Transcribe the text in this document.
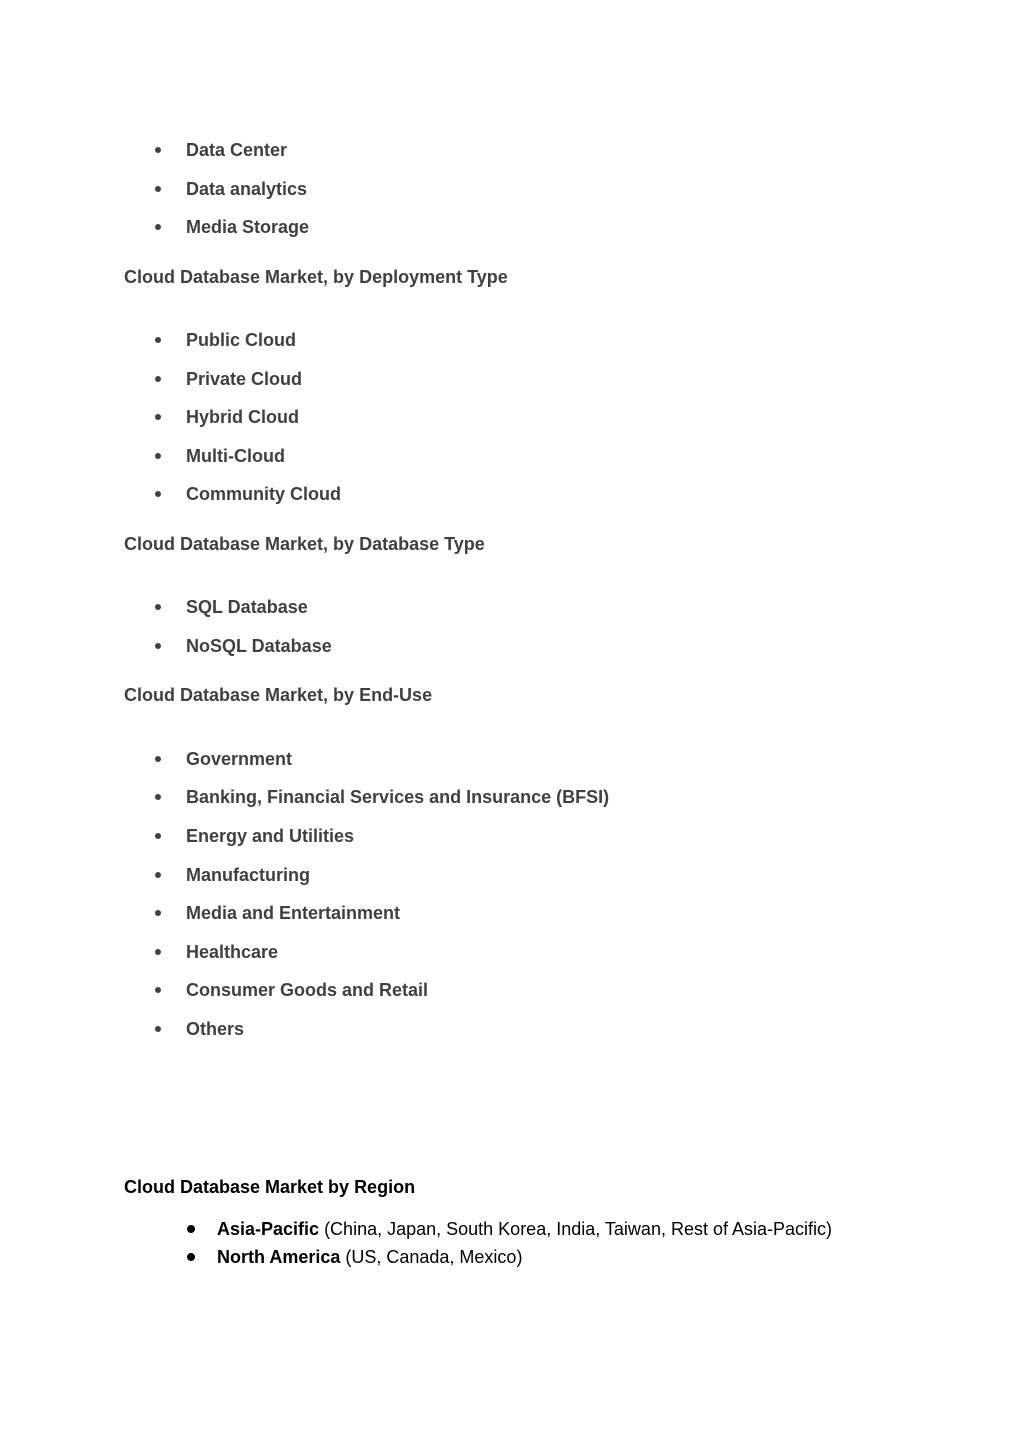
Data Center
Data analytics
Media Storage
Cloud Database Market, by Deployment Type
Public Cloud
Private Cloud
Hybrid Cloud
Multi-Cloud
Community Cloud
Cloud Database Market, by Database Type
SQL Database
NoSQL Database
Cloud Database Market, by End-Use
Government
Banking, Financial Services and Insurance (BFSI)
Energy and Utilities
Manufacturing
Media and Entertainment
Healthcare
Consumer Goods and Retail
Others
Cloud Database Market by Region
Asia-Pacific (China, Japan, South Korea, India, Taiwan, Rest of Asia-Pacific)
North America (US, Canada, Mexico)
